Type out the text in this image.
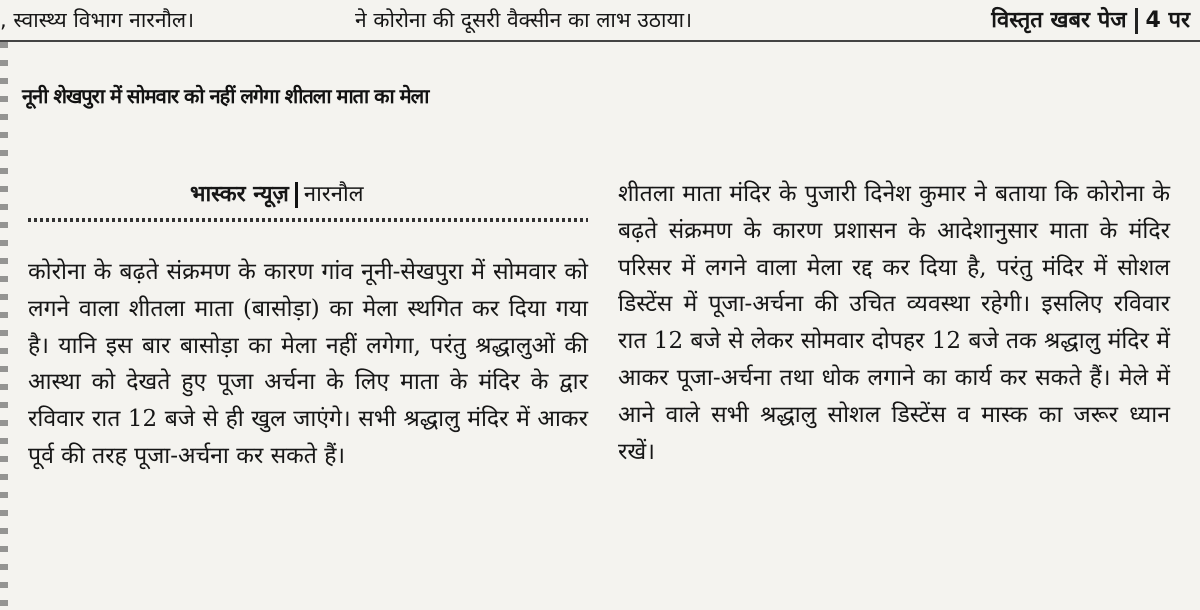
, स्वास्थ्य विभाग नारनौल।	ने कोरोना की दूसरी वैक्सीन का लाभ उठाया।	विस्तृत खबर पेज 4 पर
नूनी शेखपुरा में सोमवार को नहीं लगेगा शीतला माता का मेला
भास्कर न्यूज़ नारनौल

कोरोना के बढ़ते संक्रमण के कारण गांव नूनी-सेखपुरा में सोमवार को लगने वाला शीतला माता (बासोड़ा) का मेला स्थगित कर दिया गया है। यानि इस बार बासोड़ा का मेला नहीं लगेगा, परंतु श्रद्धालुओं की आस्था को देखते हुए पूजा अर्चना के लिए माता के मंदिर के द्वार रविवार रात 12 बजे से ही खुल जाएंगे। सभी श्रद्धालु मंदिर में आकर पूर्व की तरह पूजा-अर्चना कर सकते हैं।

शीतला माता मंदिर के पुजारी दिनेश कुमार ने बताया कि कोरोना के बढ़ते संक्रमण के कारण प्रशासन के आदेशानुसार माता के मंदिर परिसर में लगने वाला मेला रद्द कर दिया है, परंतु मंदिर में सोशल डिस्टेंस में पूजा-अर्चना की उचित व्यवस्था रहेगी। इसलिए रविवार रात 12 बजे से लेकर सोमवार दोपहर 12 बजे तक श्रद्धालु मंदिर में आकर पूजा-अर्चना तथा धोक लगाने का कार्य कर सकते हैं। मेले में आने वाले सभी श्रद्धालु सोशल डिस्टेंस व मास्क का जरूर ध्यान रखें।
